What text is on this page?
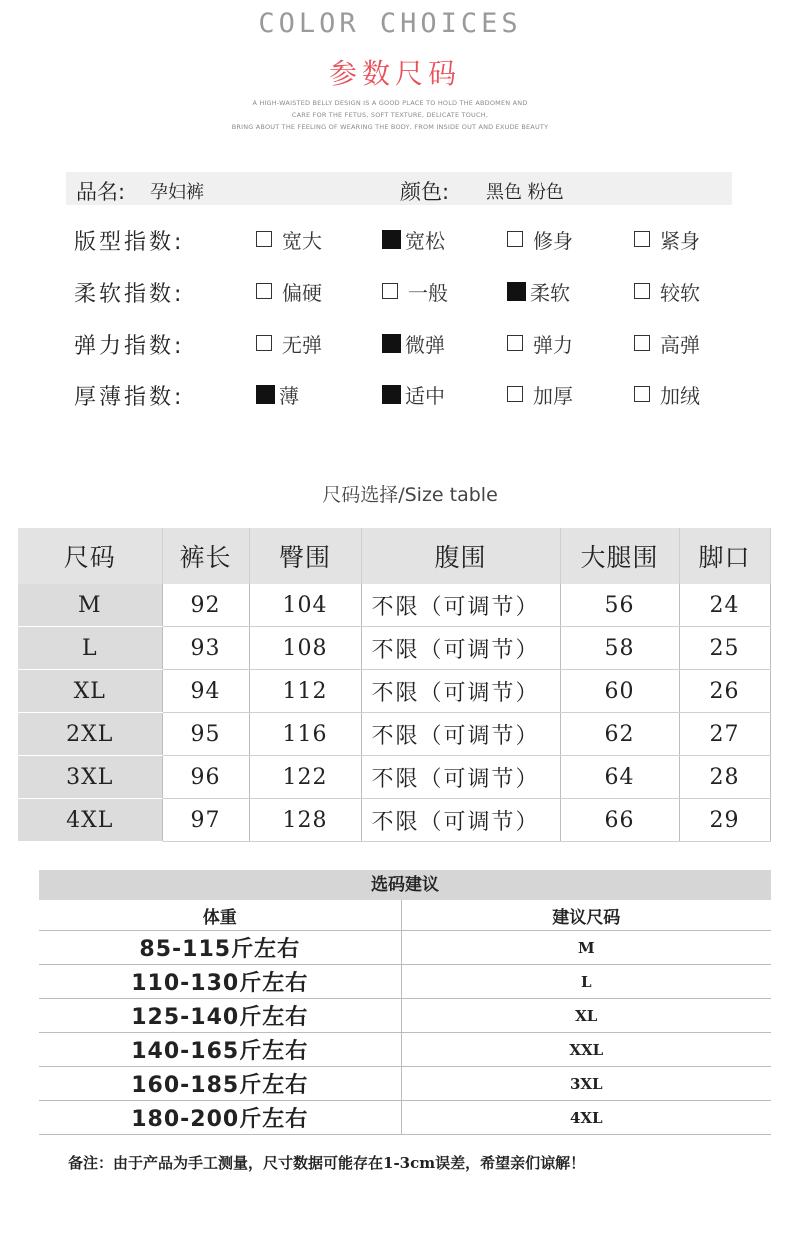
COLOR CHOICES
参数尺码
A HIGH-WAISTED BELLY DESIGN IS A GOOD PLACE TO HOLD THE ABDOMEN AND
CARE FOR THE FETUS, SOFT TEXTURE, DELICATE TOUCH,
BRING ABOUT THE FEELING OF WEARING THE BODY, FROM INSIDE OUT AND EXUDE BEAUTY
品名: 孕妇裤	颜色: 黑色 粉色
版型指数:	宽大	宽松	修身	紧身
柔软指数:	偏硬	一般	柔软	较软
弹力指数:	无弹	微弹	弹力	高弹
厚薄指数:	薄	适中	加厚	加绒
尺码选择/Size table
尺码	裤长	臀围	腹围	大腿围	脚口
M	92	104	不限（可调节）	56	24
L	93	108	不限（可调节）	58	25
XL	94	112	不限（可调节）	60	26
2XL	95	116	不限（可调节）	62	27
3XL	96	122	不限（可调节）	64	28
4XL	97	128	不限（可调节）	66	29
选码建议
体重	建议尺码
85-115斤左右	M
110-130斤左右	L
125-140斤左右	XL
140-165斤左右	XXL
160-185斤左右	3XL
180-200斤左右	4XL
备注：由于产品为手工测量，尺寸数据可能存在1-3cm误差，希望亲们谅解！
